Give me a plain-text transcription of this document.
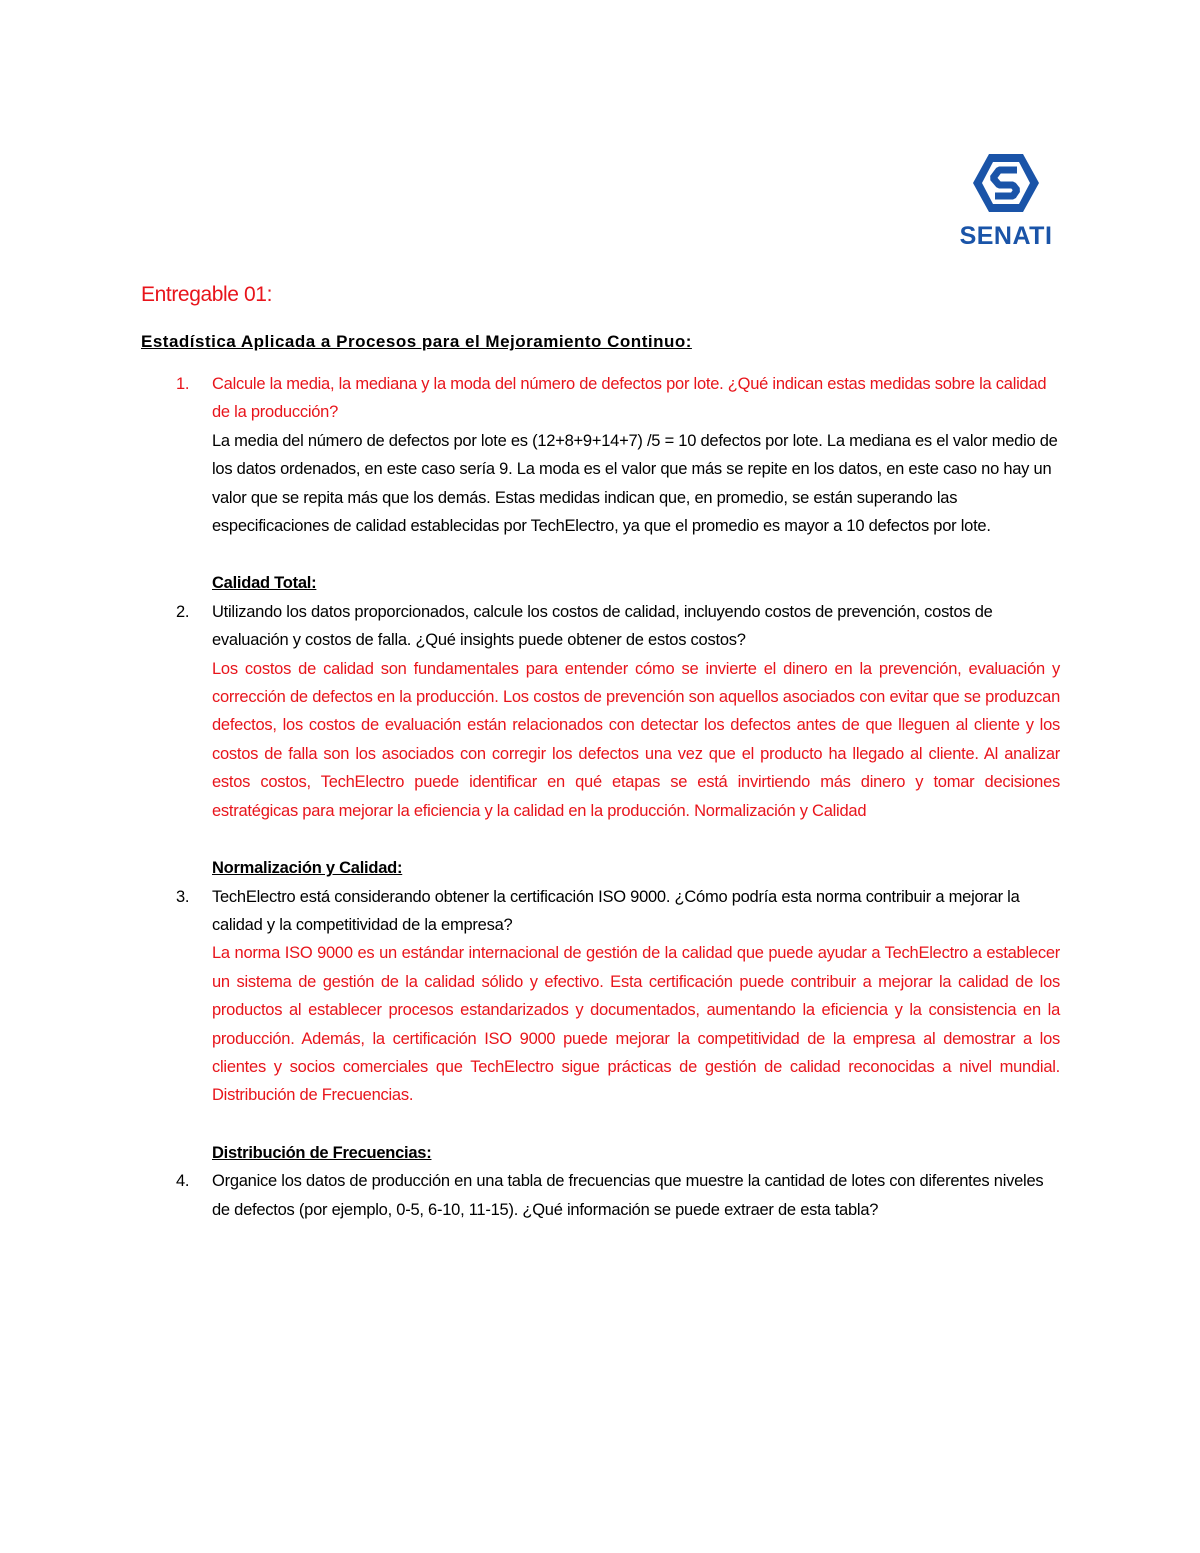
SENATI
Entregable 01:
Estadística Aplicada a Procesos para el Mejoramiento Continuo:
1. Calcule la media, la mediana y la moda del número de defectos por lote. ¿Qué indican estas medidas sobre la calidad de la producción?
La media del número de defectos por lote es (12+8+9+14+7) /5 = 10 defectos por lote. La mediana es el valor medio de los datos ordenados, en este caso sería 9. La moda es el valor que más se repite en los datos, en este caso no hay un valor que se repita más que los demás. Estas medidas indican que, en promedio, se están superando las especificaciones de calidad establecidas por TechElectro, ya que el promedio es mayor a 10 defectos por lote.
Calidad Total:
2. Utilizando los datos proporcionados, calcule los costos de calidad, incluyendo costos de prevención, costos de evaluación y costos de falla. ¿Qué insights puede obtener de estos costos?
Los costos de calidad son fundamentales para entender cómo se invierte el dinero en la prevención, evaluación y corrección de defectos en la producción. Los costos de prevención son aquellos asociados con evitar que se produzcan defectos, los costos de evaluación están relacionados con detectar los defectos antes de que lleguen al cliente y los costos de falla son los asociados con corregir los defectos una vez que el producto ha llegado al cliente. Al analizar estos costos, TechElectro puede identificar en qué etapas se está invirtiendo más dinero y tomar decisiones estratégicas para mejorar la eficiencia y la calidad en la producción. Normalización y Calidad
Normalización y Calidad:
3. TechElectro está considerando obtener la certificación ISO 9000. ¿Cómo podría esta norma contribuir a mejorar la calidad y la competitividad de la empresa?
La norma ISO 9000 es un estándar internacional de gestión de la calidad que puede ayudar a TechElectro a establecer un sistema de gestión de la calidad sólido y efectivo. Esta certificación puede contribuir a mejorar la calidad de los productos al establecer procesos estandarizados y documentados, aumentando la eficiencia y la consistencia en la producción. Además, la certificación ISO 9000 puede mejorar la competitividad de la empresa al demostrar a los clientes y socios comerciales que TechElectro sigue prácticas de gestión de calidad reconocidas a nivel mundial. Distribución de Frecuencias.
Distribución de Frecuencias:
4. Organice los datos de producción en una tabla de frecuencias que muestre la cantidad de lotes con diferentes niveles de defectos (por ejemplo, 0-5, 6-10, 11-15). ¿Qué información se puede extraer de esta tabla?
